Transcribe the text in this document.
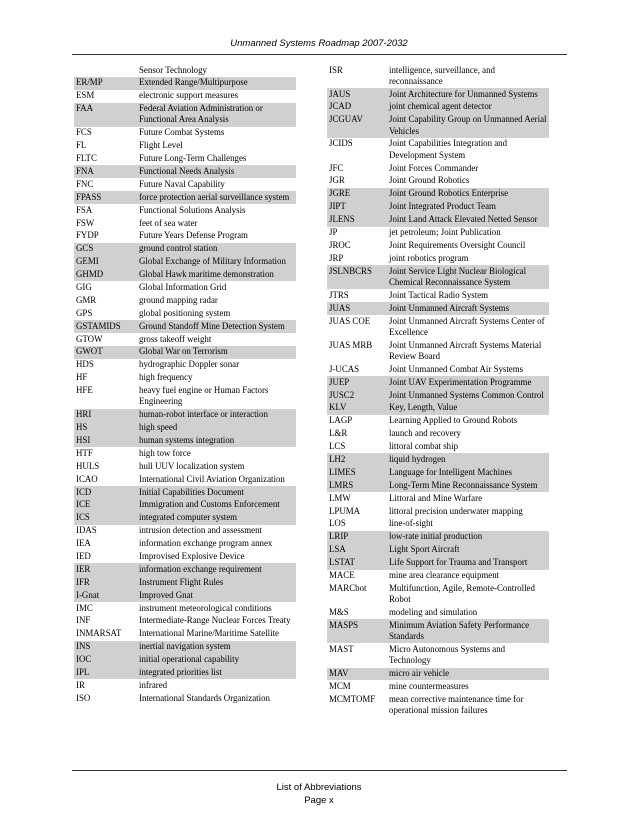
Unmanned Systems Roadmap 2007-2032
Sensor Technology
ER/MP	Extended Range/Multipurpose
ESM	electronic support measures
FAA	Federal Aviation Administration or Functional Area Analysis
FCS	Future Combat Systems
FL	Flight Level
FLTC	Future Long-Term Challenges
FNA	Functional Needs Analysis
FNC	Future Naval Capability
FPASS	force protection aerial surveillance system
FSA	Functional Solutions Analysis
FSW	feet of sea water
FYDP	Future Years Defense Program
GCS	ground control station
GEMI	Global Exchange of Military Information
GHMD	Global Hawk maritime demonstration
GIG	Global Information Grid
GMR	ground mapping radar
GPS	global positioning system
GSTAMIDS	Ground Standoff Mine Detection System
GTOW	gross takeoff weight
GWOT	Global War on Terrorism
HDS	hydrographic Doppler sonar
HF	high frequency
HFE	heavy fuel engine or Human Factors Engineering
HRI	human-robot interface or interaction
HS	high speed
HSI	human systems integration
HTF	high tow force
HULS	hull UUV localization system
ICAO	International Civil Aviation Organization
ICD	Initial Capabilities Document
ICE	Immigration and Customs Enforcement
ICS	integrated computer system
IDAS	intrusion detection and assessment
IEA	information exchange program annex
IED	Improvised Explosive Device
IER	information exchange requirement
IFR	Instrument Flight Rules
I-Gnat	Improved Gnat
IMC	instrument meteorological conditions
INF	Intermediate-Range Nuclear Forces Treaty
INMARSAT	International Marine/Maritime Satellite
INS	inertial navigation system
IOC	initial operational capability
IPL	integrated priorities list
IR	infrared
ISO	International Standards Organization
ISR	intelligence, surveillance, and reconnaissance
JAUS	Joint Architecture for Unmanned Systems
JCAD	joint chemical agent detector
JCGUAV	Joint Capability Group on Unmanned Aerial Vehicles
JCIDS	Joint Capabilities Integration and Development System
JFC	Joint Forces Commander
JGR	Joint Ground Robotics
JGRE	Joint Ground Robotics Enterprise
JIPT	Joint Integrated Product Team
JLENS	Joint Land Attack Elevated Netted Sensor
JP	jet petroleum; Joint Publication
JROC	Joint Requirements Oversight Council
JRP	joint robotics program
JSLNBCRS	Joint Service Light Nuclear Biological Chemical Reconnaissance System
JTRS	Joint Tactical Radio System
JUAS	Joint Unmanned Aircraft Systems
JUAS COE	Joint Unmanned Aircraft Systems Center of Excellence
JUAS MRB	Joint Unmanned Aircraft Systems Material Review Board
J-UCAS	Joint Unmanned Combat Air Systems
JUEP	Joint UAV Experimentation Programme
JUSC2	Joint Unmanned Systems Common Control
KLV	Key, Length, Value
LAGP	Learning Applied to Ground Robots
L&R	launch and recovery
LCS	littoral combat ship
LH2	liquid hydrogen
LIMES	Language for Intelligent Machines
LMRS	Long-Term Mine Reconnaissance System
LMW	Littoral and Mine Warfare
LPUMA	littoral precision underwater mapping
LOS	line-of-sight
LRIP	low-rate initial production
LSA	Light Sport Aircraft
LSTAT	Life Support for Trauma and Transport
MACE	mine area clearance equipment
MARCbot	Multifunction, Agile, Remote-Controlled Robot
M&S	modeling and simulation
MASPS	Minimum Aviation Safety Performance Standards
MAST	Micro Autonomous Systems and Technology
MAV	micro air vehicle
MCM	mine countermeasures
MCMTOMF	mean corrective maintenance time for operational mission failures
List of Abbreviations
Page x
